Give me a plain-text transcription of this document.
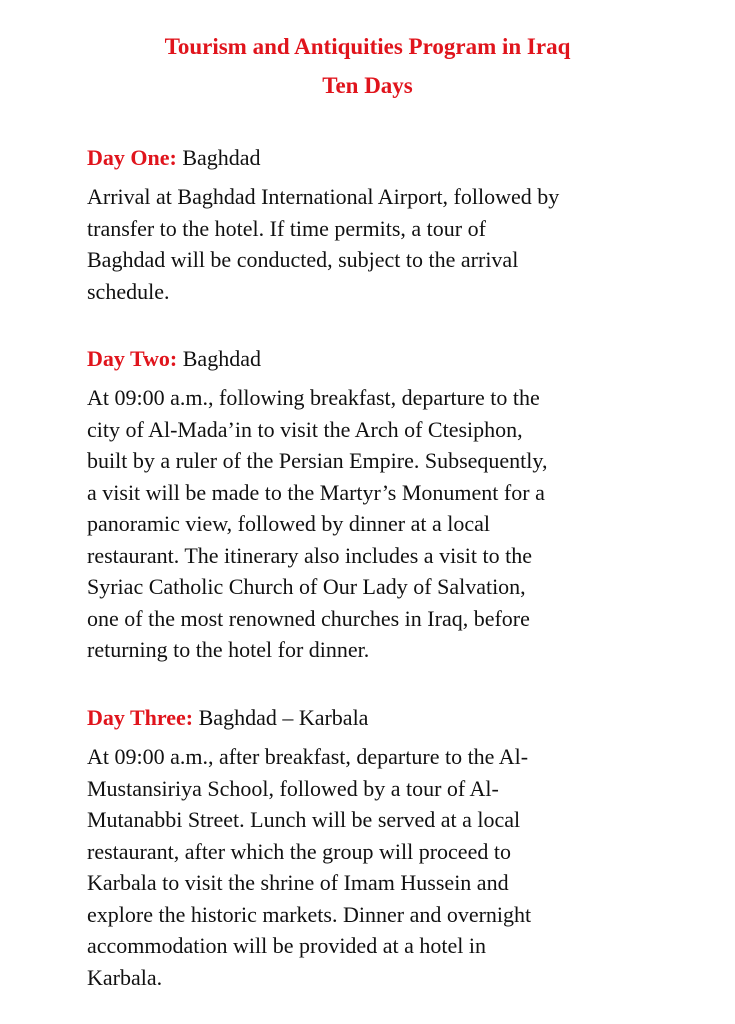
Tourism and Antiquities Program in Iraq
Ten Days
Day One: Baghdad
Arrival at Baghdad International Airport, followed by
transfer to the hotel. If time permits, a tour of
Baghdad will be conducted, subject to the arrival
schedule.
Day Two: Baghdad
At 09:00 a.m., following breakfast, departure to the
city of Al-Mada’in to visit the Arch of Ctesiphon,
built by a ruler of the Persian Empire. Subsequently,
a visit will be made to the Martyr’s Monument for a
panoramic view, followed by dinner at a local
restaurant. The itinerary also includes a visit to the
Syriac Catholic Church of Our Lady of Salvation,
one of the most renowned churches in Iraq, before
returning to the hotel for dinner.
Day Three: Baghdad – Karbala
At 09:00 a.m., after breakfast, departure to the Al-
Mustansiriya School, followed by a tour of Al-
Mutanabbi Street. Lunch will be served at a local
restaurant, after which the group will proceed to
Karbala to visit the shrine of Imam Hussein and
explore the historic markets. Dinner and overnight
accommodation will be provided at a hotel in
Karbala.
